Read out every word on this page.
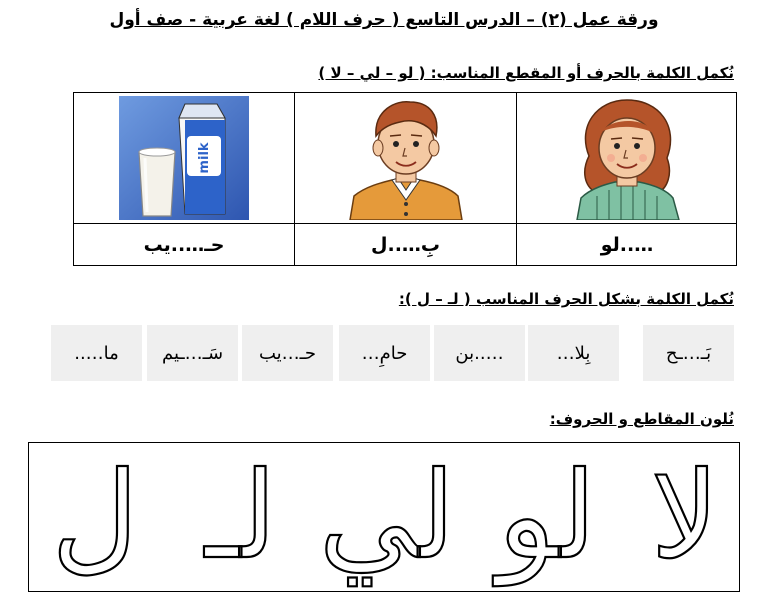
ورقة عمل (٢) – الدرس التاسع ( حرف اللام ) لغة عربية - صف أول
نُكمل الكلمة بالحرف أو المقطع المناسب: ( لو – لي – لا )
milk
…..لو
بِ…..ل
حـ…..يب
نُكمل الكلمة بشكل الحرف المناسب ( لـ – ل ):
بَـ…ـح
بِلا…
…..بن
حامِ…
حـ…يب
سَـ…ـيم
ما…..
نُلون المقاطع و الحروف:
لا
لو
لي
لـ
ل
